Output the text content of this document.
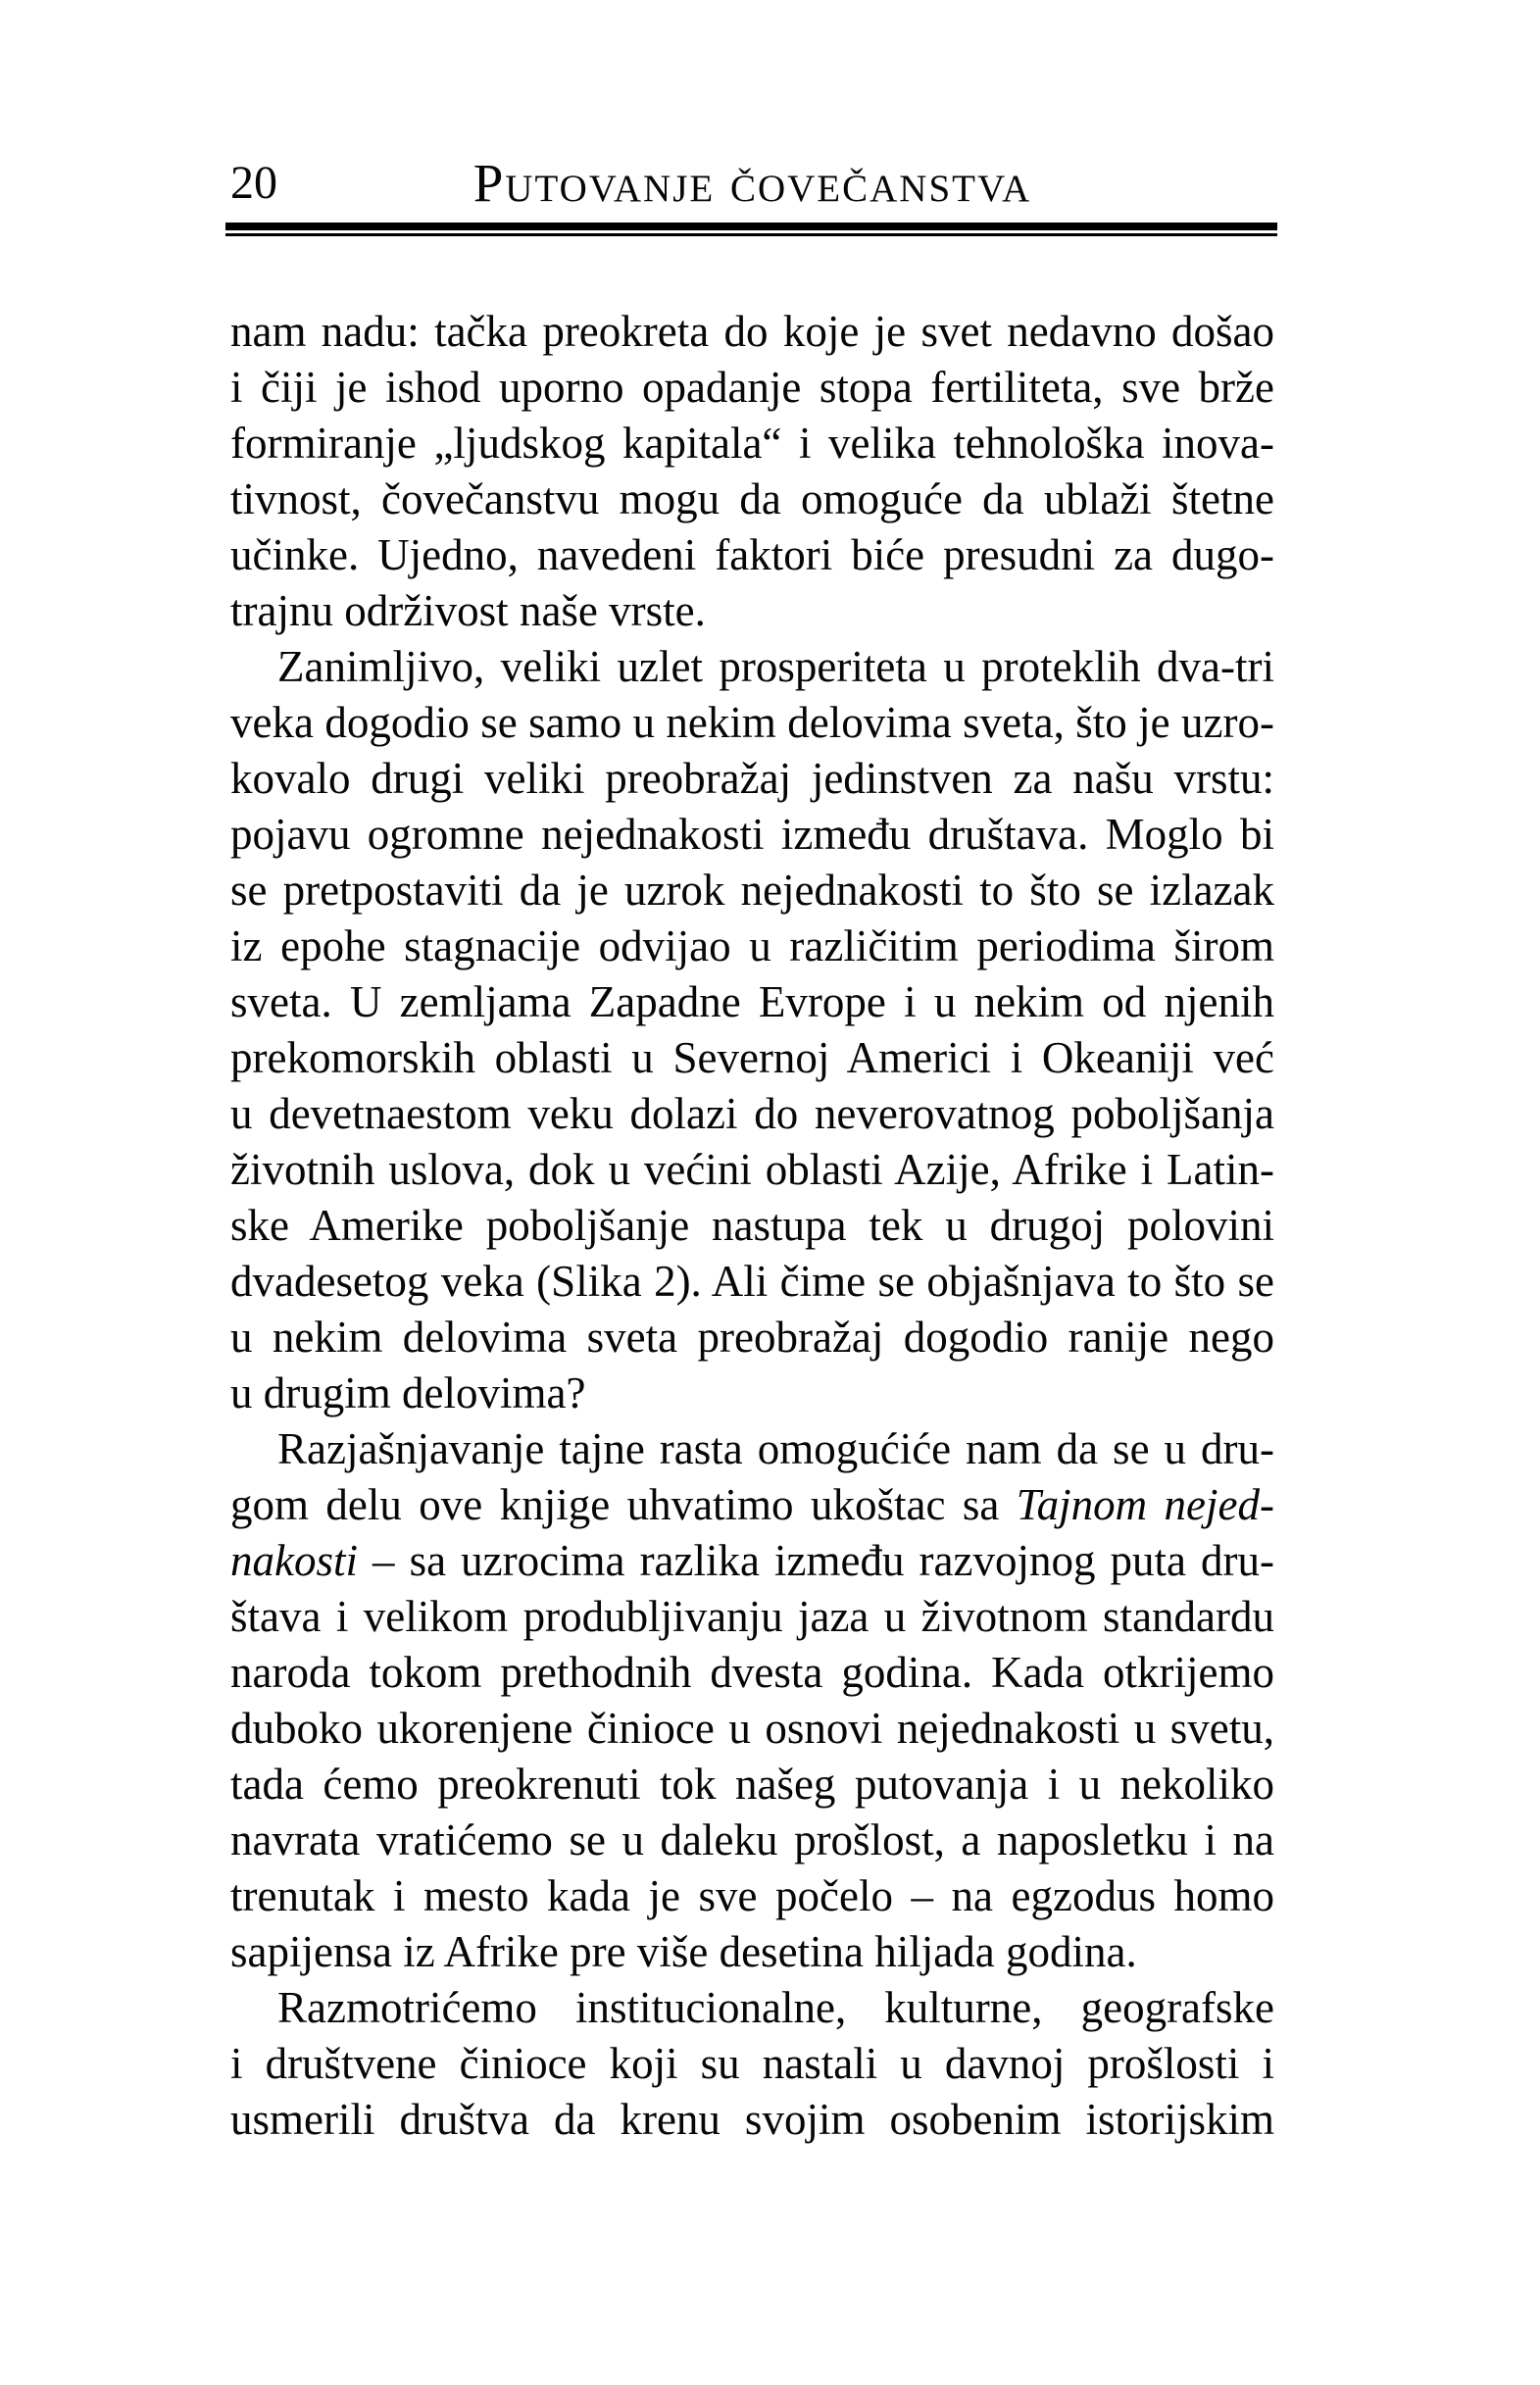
20	Putovanje čovečanstva
nam nadu: tačka preokreta do koje je svet nedavno došao
i čiji je ishod uporno opadanje stopa fertiliteta, sve brže
formiranje „ljudskog kapitala“ i velika tehnološka inova-
tivnost, čovečanstvu mogu da omoguće da ublaži štetne
učinke. Ujedno, navedeni faktori biće presudni za dugo-
trajnu održivost naše vrste.
Zanimljivo, veliki uzlet prosperiteta u proteklih dva-tri
veka dogodio se samo u nekim delovima sveta, što je uzro-
kovalo drugi veliki preobražaj jedinstven za našu vrstu:
pojavu ogromne nejednakosti između društava. Moglo bi
se pretpostaviti da je uzrok nejednakosti to što se izlazak
iz epohe stagnacije odvijao u različitim periodima širom
sveta. U zemljama Zapadne Evrope i u nekim od njenih
prekomorskih oblasti u Severnoj Americi i Okeaniji već
u devetnaestom veku dolazi do neverovatnog poboljšanja
životnih uslova, dok u većini oblasti Azije, Afrike i Latin-
ske Amerike poboljšanje nastupa tek u drugoj polovini
dvadesetog veka (Slika 2). Ali čime se objašnjava to što se
u nekim delovima sveta preobražaj dogodio ranije nego
u drugim delovima?
Razjašnjavanje tajne rasta omogućiće nam da se u dru-
gom delu ove knjige uhvatimo ukoštac sa Tajnom nejed-
nakosti – sa uzrocima razlika između razvojnog puta dru-
štava i velikom produbljivanju jaza u životnom standardu
naroda tokom prethodnih dvesta godina. Kada otkrijemo
duboko ukorenjene činioce u osnovi nejednakosti u svetu,
tada ćemo preokrenuti tok našeg putovanja i u nekoliko
navrata vratićemo se u daleku prošlost, a naposletku i na
trenutak i mesto kada je sve počelo – na egzodus homo
sapijensa iz Afrike pre više desetina hiljada godina.
Razmotrićemo institucionalne, kulturne, geografske
i društvene činioce koji su nastali u davnoj prošlosti i
usmerili društva da krenu svojim osobenim istorijskim
